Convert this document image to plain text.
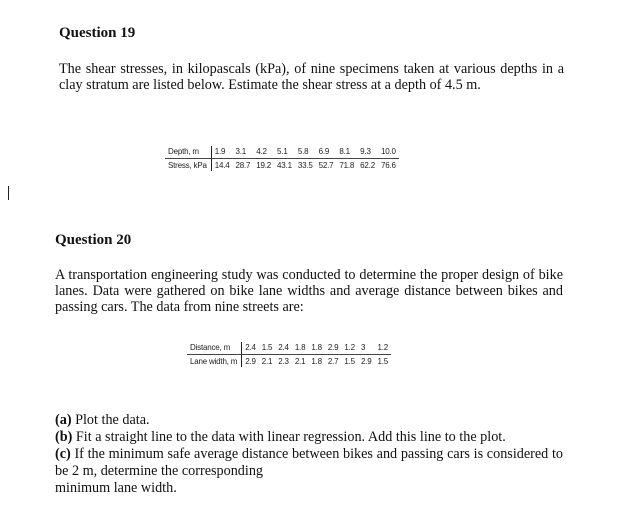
Question 19

The shear stresses, in kilopascals (kPa), of nine specimens taken at various depths in a clay stratum are listed below. Estimate the shear stress at a depth of 4.5 m.

Depth, m	1.9	3.1	4.2	5.1	5.8	6.9	8.1	9.3	10.0
Stress, kPa	14.4	28.7	19.2	43.1	33.5	52.7	71.8	62.2	76.6
Question 20

A transportation engineering study was conducted to determine the proper design of bike lanes. Data were gathered on bike lane widths and average distance between bikes and passing cars. The data from nine streets are:

Distance, m	2.4	1.5	2.4	1.8	1.8	2.9	1.2	3	1.2
Lane width, m	2.9	2.1	2.3	2.1	1.8	2.7	1.5	2.9	1.5

(a) Plot the data.

(b) Fit a straight line to the data with linear regression. Add this line to the plot.

(c) If the minimum safe average distance between bikes and passing cars is considered to be 2 m, determine the corresponding

minimum lane width.
